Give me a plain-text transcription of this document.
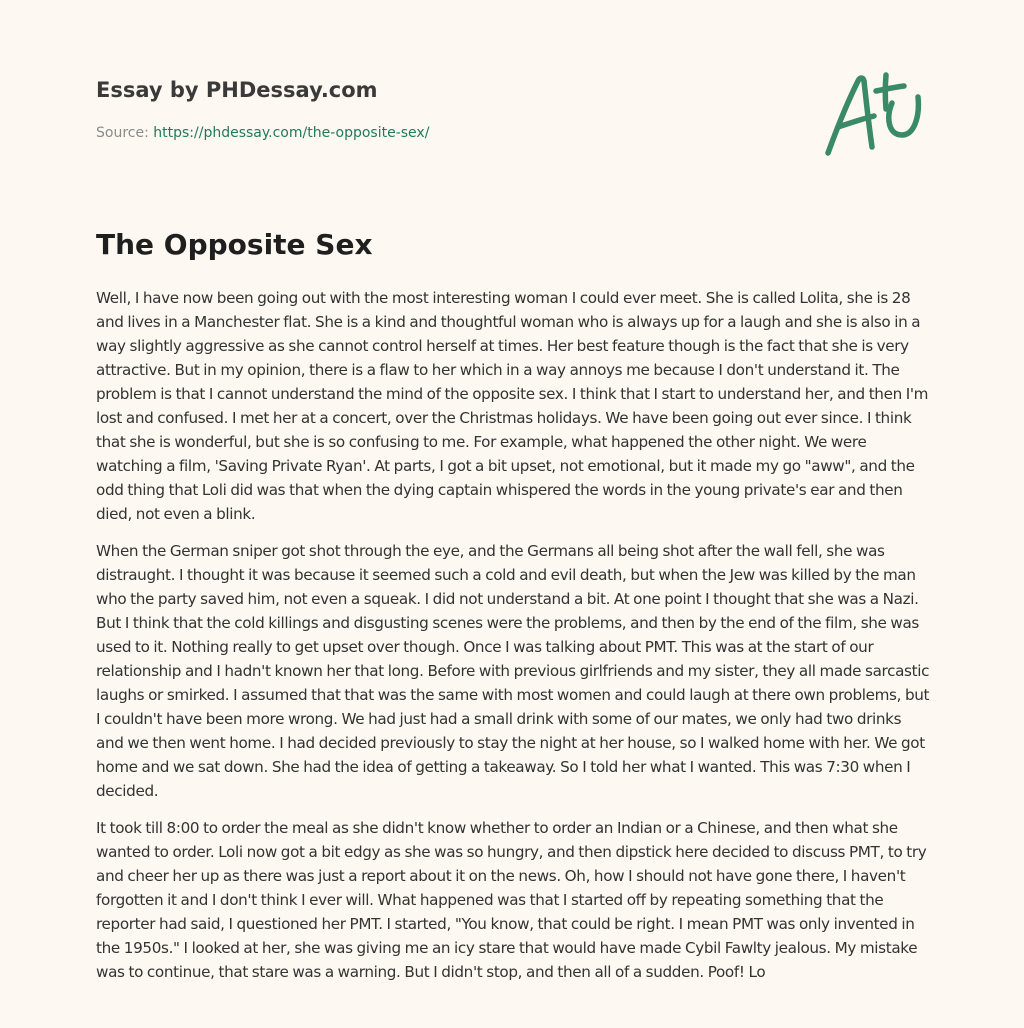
Essay by PHDessay.com
Source: https://phdessay.com/the-opposite-sex/
The Opposite Sex

Well, I have now been going out with the most interesting woman I could ever meet. She is called Lolita, she is 28 and lives in a Manchester flat. She is a kind and thoughtful woman who is always up for a laugh and she is also in a way slightly aggressive as she cannot control herself at times. Her best feature though is the fact that she is very attractive. But in my opinion, there is a flaw to her which in a way annoys me because I don't understand it. The problem is that I cannot understand the mind of the opposite sex. I think that I start to understand her, and then I'm lost and confused. I met her at a concert, over the Christmas holidays. We have been going out ever since. I think that she is wonderful, but she is so confusing to me. For example, what happened the other night. We were watching a film, 'Saving Private Ryan'. At parts, I got a bit upset, not emotional, but it made my go "aww", and the odd thing that Loli did was that when the dying captain whispered the words in the young private's ear and then died, not even a blink.

When the German sniper got shot through the eye, and the Germans all being shot after the wall fell, she was distraught. I thought it was because it seemed such a cold and evil death, but when the Jew was killed by the man who the party saved him, not even a squeak. I did not understand a bit. At one point I thought that she was a Nazi. But I think that the cold killings and disgusting scenes were the problems, and then by the end of the film, she was used to it. Nothing really to get upset over though. Once I was talking about PMT. This was at the start of our relationship and I hadn't known her that long. Before with previous girlfriends and my sister, they all made sarcastic laughs or smirked. I assumed that that was the same with most women and could laugh at there own problems, but I couldn't have been more wrong. We had just had a small drink with some of our mates, we only had two drinks and we then went home. I had decided previously to stay the night at her house, so I walked home with her. We got home and we sat down. She had the idea of getting a takeaway. So I told her what I wanted. This was 7:30 when I decided.

It took till 8:00 to order the meal as she didn't know whether to order an Indian or a Chinese, and then what she wanted to order. Loli now got a bit edgy as she was so hungry, and then dipstick here decided to discuss PMT, to try and cheer her up as there was just a report about it on the news. Oh, how I should not have gone there, I haven't forgotten it and I don't think I ever will. What happened was that I started off by repeating something that the reporter had said, I questioned her PMT. I started, "You know, that could be right. I mean PMT was only invented in the 1950s." I looked at her, she was giving me an icy stare that would have made Cybil Fawlty jealous. My mistake was to continue, that stare was a warning. But I didn't stop, and then all of a sudden. Poof! Lo
